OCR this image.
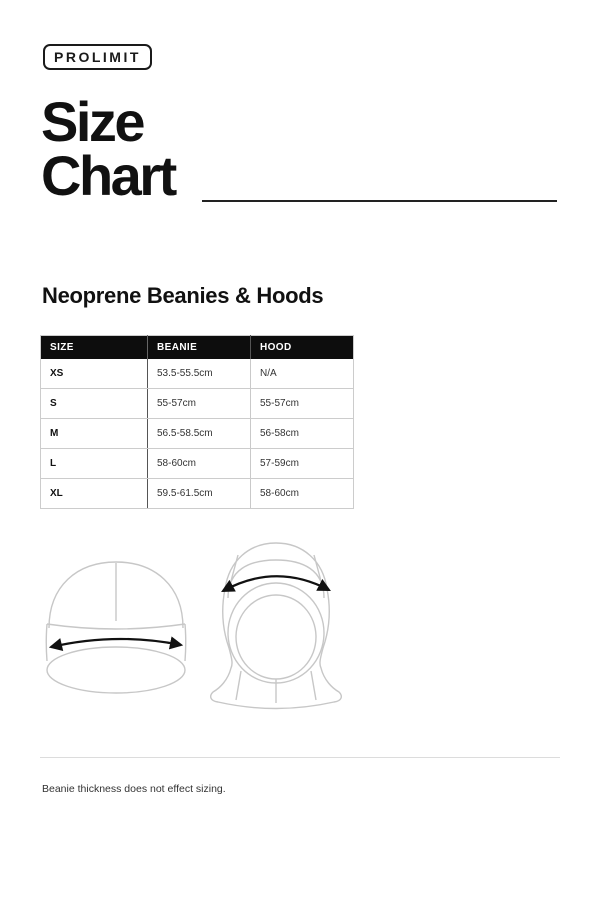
PROLIMIT
Size
Chart
Neoprene Beanies & Hoods
SIZE	BEANIE	HOOD
XS	53.5-55.5cm	N/A
S	55-57cm	55-57cm
M	56.5-58.5cm	56-58cm
L	58-60cm	57-59cm
XL	59.5-61.5cm	58-60cm
Beanie thickness does not effect sizing.
